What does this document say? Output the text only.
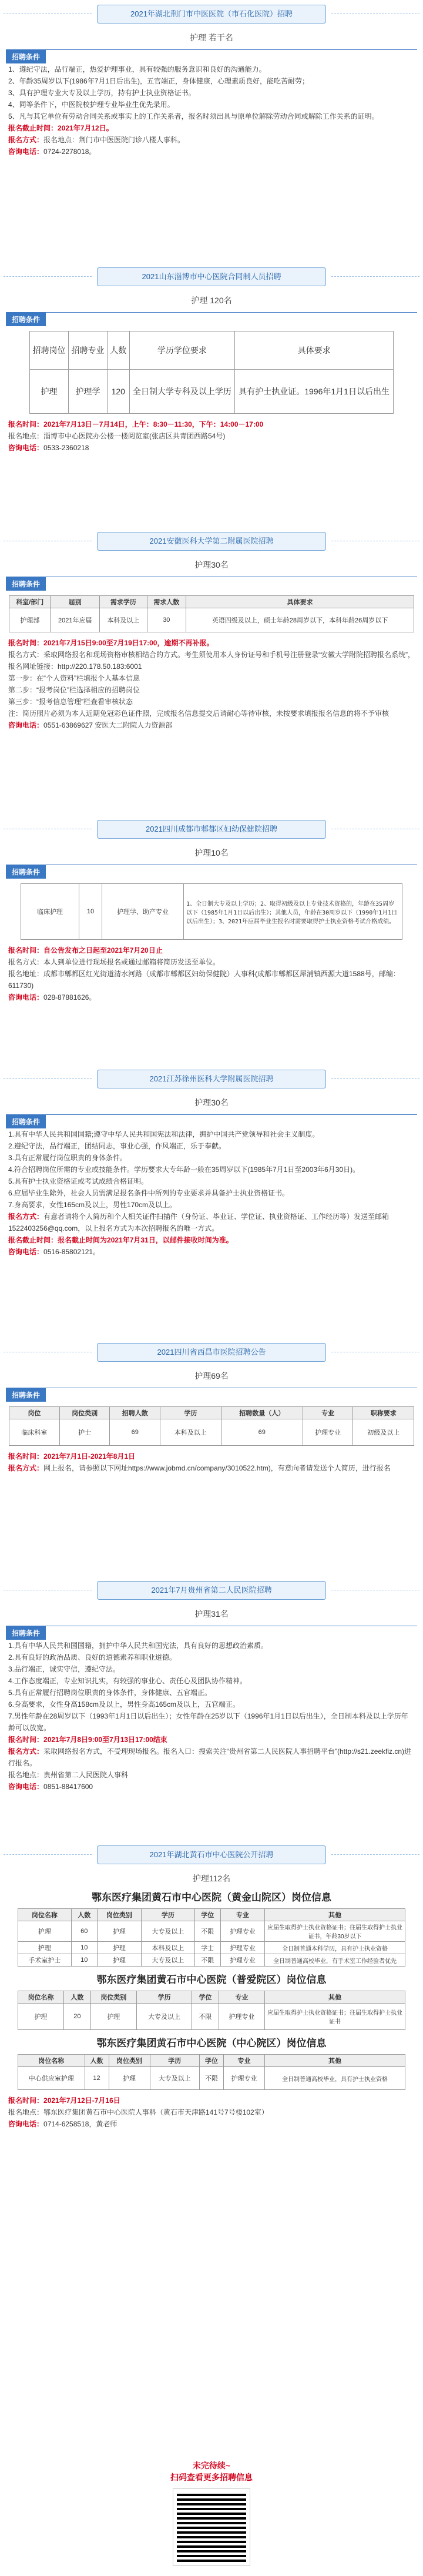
2021年湖北荆门市中医医院（市石化医院）招聘
护理 若干名
招聘条件

1、遵纪守法，品行端正，热爱护理事业，具有较强的服务意识和良好的沟通能力。

2、年龄35周岁以下(1986年7月1日后出生)，五官端正，身体健康，心理素质良好，能吃苦耐劳；

3、具有护理专业大专及以上学历，持有护士执业资格证书。

4、同等条件下，中医院校护理专业毕业生优先录用。

5、凡与其它单位有劳动合同关系或事实上的工作关系者，报名时须出具与原单位解除劳动合同或解除工作关系的证明。

报名截止时间：2021年7月12日。

报名方式：报名地点：荆门市中医医院门诊八楼人事科。

咨询电话：0724-2278018。

2021山东淄博市中心医院合同制人员招聘
护理 120名
招聘条件
招聘岗位	招聘专业	人数	学历学位要求	具体要求
护理	护理学	120	全日制大学专科及以上学历	具有护士执业证。1996年1月1日以后出生

报名时间：2021年7月13日－7月14日，上午：8:30－11:30，下午：14:00－17:00

报名地点：淄博市中心医院办公楼一楼阅览室(张店区共青团西路54号)

咨询电话：0533-2360218

2021安徽医科大学第二附属医院招聘
护理30名
招聘条件
科室/部门	届别	需求学历	需求人数	具体要求
护理部	2021年应届	本科及以上	30	英语四级及以上，硕士年龄28周岁以下，本科年龄26周岁以下

报名时间：2021年7月15日9:00至7月19日17:00，逾期不再补报。

报名方式：采取网络报名和现场资格审核相结合的方式。考生须使用本人身份证号和手机号注册登录“安徽大学附院招聘报名系统”，报名网址链接：http://220.178.50.183:6001

第一步：在“个人资料”栏填报个人基本信息

第二步：“报考岗位”栏选择相应的招聘岗位

第三步：“报考信息管理”栏查看审核状态

注：简历照片必须为本人近期免冠彩色证件照，完成报名信息提交后请耐心等待审核，未按要求填报报名信息的将不予审核

咨询电话：0551-63869627 安医大二附院人力资源部

2021四川成都市郫都区妇幼保健院招聘
护理10名
招聘条件
临床护理	10	护理学、助产专业	1、全日制大专及以上学历；2、取得初级及以上专业技术资格的，年龄在35周岁以下（1985年1月1日以后出生）；其他人员，年龄在30周岁以下（1990年1月1日以后出生）；3、2021年应届毕业生报名时需要取得护士执业资格考试合格成绩。

报名时间：自公告发布之日起至2021年7月20日止

报名方式：本人到单位进行现场报名或通过邮箱将简历发送至单位。

报名地址：成都市郫都区红光街道清水河路（成都市郫都区妇幼保健院）人事科(成都市郫都区犀浦镇西源大道1588号，邮编：611730)

咨询电话：028-87881626。

2021江苏徐州医科大学附属医院招聘
护理30名
招聘条件

1.具有中华人民共和国国籍;遵守中华人民共和国宪法和法律，拥护中国共产党领导和社会主义制度。

2.遵纪守法，品行端正，团结同志，事业心强，作风端正，乐于奉献。

3.具有正常履行岗位职责的身体条件。

4.符合招聘岗位所需的专业或技能条件。学历要求大专年龄一般在35周岁以下(1985年7月1日至2003年6月30日)。

5.具有护士执业资格证或考试成绩合格证明。

6.应届毕业生除外，社会人员需满足报名条件中所列的专业要求并具备护士执业资格证书。

7.身高要求，女性165cm及以上，男性170cm及以上。

报名方式：有意者请将个人简历和个人相关证件扫描件（身份证、毕业证、学位证、执业资格证、工作经历等）发送至邮箱1522403256@qq.com，以上报名方式为本次招聘报名的唯一方式。

报名截止时间：报名截止时间为2021年7月31日，以邮件接收时间为准。

咨询电话：0516-85802121。

2021四川省西昌市医院招聘公告
护理69名
招聘条件
岗位	岗位类别	招聘人数	学历	招聘数量（人）	专业	职称要求
临床科室	护士	69	本科及以上	69	护理专业	初级及以上

报名时间：2021年7月1日-2021年8月1日

报名方式：网上报名，请参照以下网址https://www.jobmd.cn/company/3010522.htm)，有意向者请发送个人简历，进行报名

2021年7月贵州省第二人民医院招聘
护理31名
招聘条件

1.具有中华人民共和国国籍，拥护中华人民共和国宪法，具有良好的思想政治素质。

2.具有良好的政治品质、良好的道德素养和职业道德。

3.品行端正，诚实守信，遵纪守法。

4.工作态度端正，专业知识扎实，有较强的事业心、责任心及团队协作精神。

5.具有正常履行招聘岗位职责的身体条件，身体健康、五官端正。

6.身高要求，女性身高158cm及以上，男性身高165cm及以上，五官端正。

7.男性年龄在28周岁以下（1993年1月1日以后出生）；女性年龄在25岁以下（1996年1月1日以后出生），全日制本科及以上学历年龄可以放宽。

报名时间：2021年7月8日9:00至7月13日17:00结束

报名方式：采取网络报名方式，不受理现场报名。报名入口：搜索关注“贵州省第二人民医院人事招聘平台”(http://s21.zeekfiz.cn)进行报名。

报名地点：贵州省第二人民医院人事科

咨询电话：0851-88417600

2021年湖北黄石市中心医院公开招聘
护理112名
鄂东医疗集团黄石市中心医院（黄金山院区）岗位信息
岗位名称	人数	岗位类别	学历	学位	专业	其他
护理	60	护理	大专及以上	不限	护理专业	应届生取得护士执业资格证书；往届生取得护士执业证书，年龄30岁以下
护理	10	护理	本科及以上	学士	护理专业	全日制普通本科学历，具有护士执业资格
手术室护士	10	护理	大专及以上	不限	护理专业	全日制普通高校毕业，有手术室工作经验者优先
鄂东医疗集团黄石市中心医院（普爱院区）岗位信息
岗位名称	人数	岗位类别	学历	学位	专业	其他
护理	20	护理	大专及以上	不限	护理专业	应届生取得护士执业资格证书；往届生取得护士执业证书
鄂东医疗集团黄石市中心医院（中心院区）岗位信息
岗位名称	人数	岗位类别	学历	学位	专业	其他
中心供应室护理	12	护理	大专及以上	不限	护理专业	全日制普通高校毕业，具有护士执业资格

报名时间：2021年7月12日-7月16日

报名地点：鄂东医疗集团黄石市中心医院人事科（黄石市天津路141号7号楼102室）

咨询电话：0714-6258518，黄老师

未完待续~
扫码查看更多招聘信息
